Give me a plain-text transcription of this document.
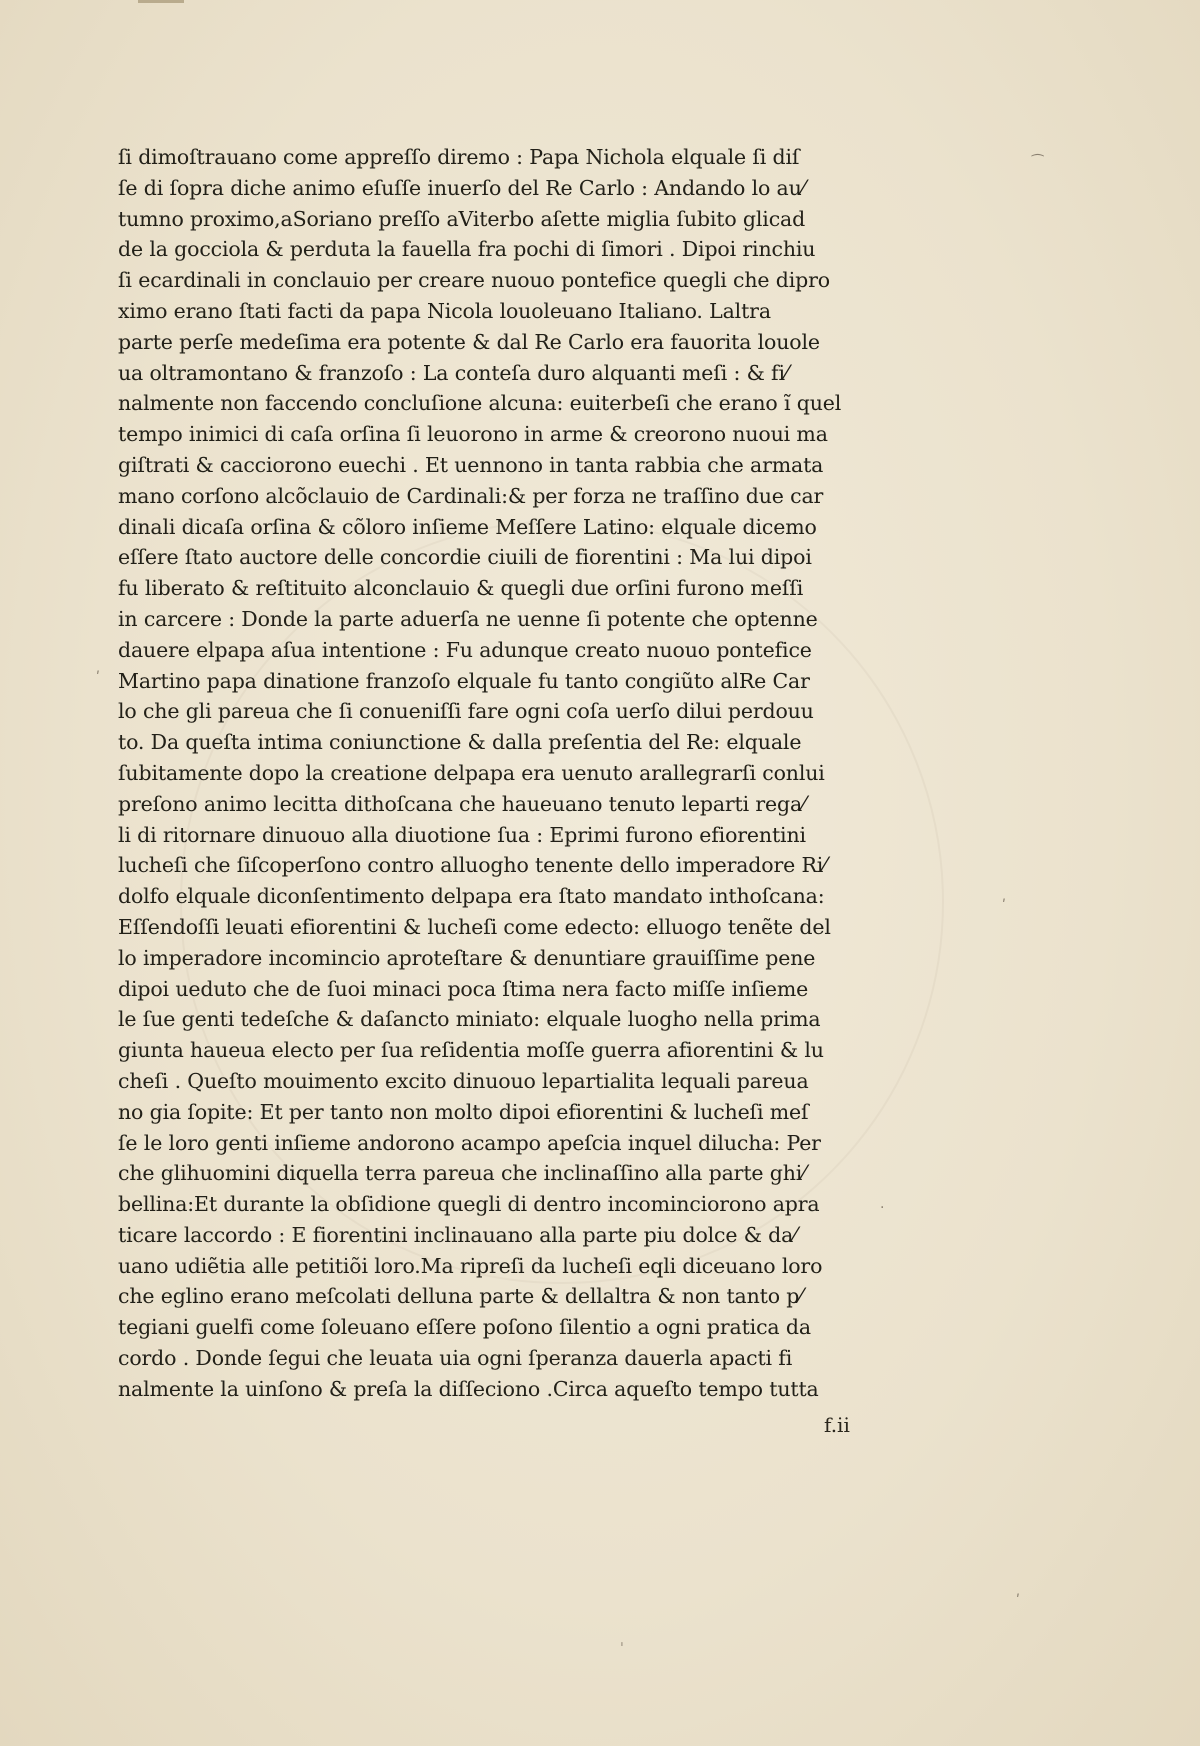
ſi dimoſtrauano come appreſſo diremo : Papa Nichola elquale ſi diſ
ſe di ſopra diche animo eſuſſe inuerſo del Re Carlo : Andando lo au⁄
tumno proximo,aSoriano preſſo aViterbo aſette miglia ſubito glicad
de la gocciola & perduta la fauella fra pochi di ſimori . Dipoi rinchiu
ſi ecardinali in conclauio per creare nuouo pontefice quegli che dipro
ximo erano ſtati facti da papa Nicola louoleuano Italiano. Laltra
parte perſe medeſima era potente & dal Re Carlo era fauorita louole
ua oltramontano & franzoſo : La conteſa duro alquanti meſi : & fi⁄
nalmente non faccendo concluſione alcuna: euiterbeſi che erano ĩ quel
tempo inimici di caſa orſina ſi leuorono in arme & creorono nuoui ma
giſtrati & cacciorono euechi . Et uennono in tanta rabbia che armata
mano corſono alcõclauio de Cardinali:& per forza ne traſſino due car
dinali dicaſa orſina & cõloro inſieme Meſſere Latino: elquale dicemo
eſſere ſtato auctore delle concordie ciuili de fiorentini : Ma lui dipoi
fu liberato & reſtituito alconclauio & quegli due orſini furono meſſi
in carcere : Donde la parte aduerſa ne uenne ſi potente che optenne
dauere elpapa aſua intentione : Fu adunque creato nuouo pontefice
Martino papa dinatione franzoſo elquale fu tanto congiũto alRe Car
lo che gli pareua che ſi conueniſſi fare ogni coſa uerſo dilui perdouu
to. Da queſta intima coniunctione & dalla preſentia del Re: elquale
ſubitamente dopo la creatione delpapa era uenuto arallegrarſi conlui
preſono animo lecitta dithoſcana che haueuano tenuto leparti rega⁄
li di ritornare dinuouo alla diuotione ſua : Eprimi furono efiorentini
lucheſi che ſiſcoperſono contro alluogho tenente dello imperadore Ri⁄
dolfo elquale diconſentimento delpapa era ſtato mandato inthoſcana:
Eſſendoſſi leuati efiorentini & lucheſi come edecto: elluogo tenẽte del
lo imperadore incomincio aproteſtare & denuntiare grauiſſime pene
dipoi ueduto che de ſuoi minaci poca ſtima nera facto miſſe inſieme
le ſue genti tedeſche & daſancto miniato: elquale luogho nella prima
giunta haueua electo per ſua reſidentia moſſe guerra afiorentini & lu
cheſi . Queſto mouimento excito dinuouo lepartialita lequali pareua
no gia ſopite: Et per tanto non molto dipoi efiorentini & lucheſi meſ
ſe le loro genti inſieme andorono acampo apeſcia inquel dilucha: Per
che glihuomini diquella terra pareua che inclinaſſino alla parte ghi⁄
bellina:Et durante la obſidione quegli di dentro incominciorono apra
ticare laccordo : E fiorentini inclinauano alla parte piu dolce & da⁄
uano udiẽtia alle petitiõi loro.Ma ripreſi da lucheſi eqli diceuano loro
che eglino erano meſcolati delluna parte & dellaltra & non tanto p⁄
tegiani guelfi come ſoleuano eſſere poſono ſilentio a ogni pratica da
cordo . Donde ſegui che leuata uia ogni ſperanza dauerla apacti fi
nalmente la uinſono & preſa la diſſeciono .Circa aqueſto tempo tutta
f.ii
⁀
ʹ
·
ʹ
ˈ
ʹ
